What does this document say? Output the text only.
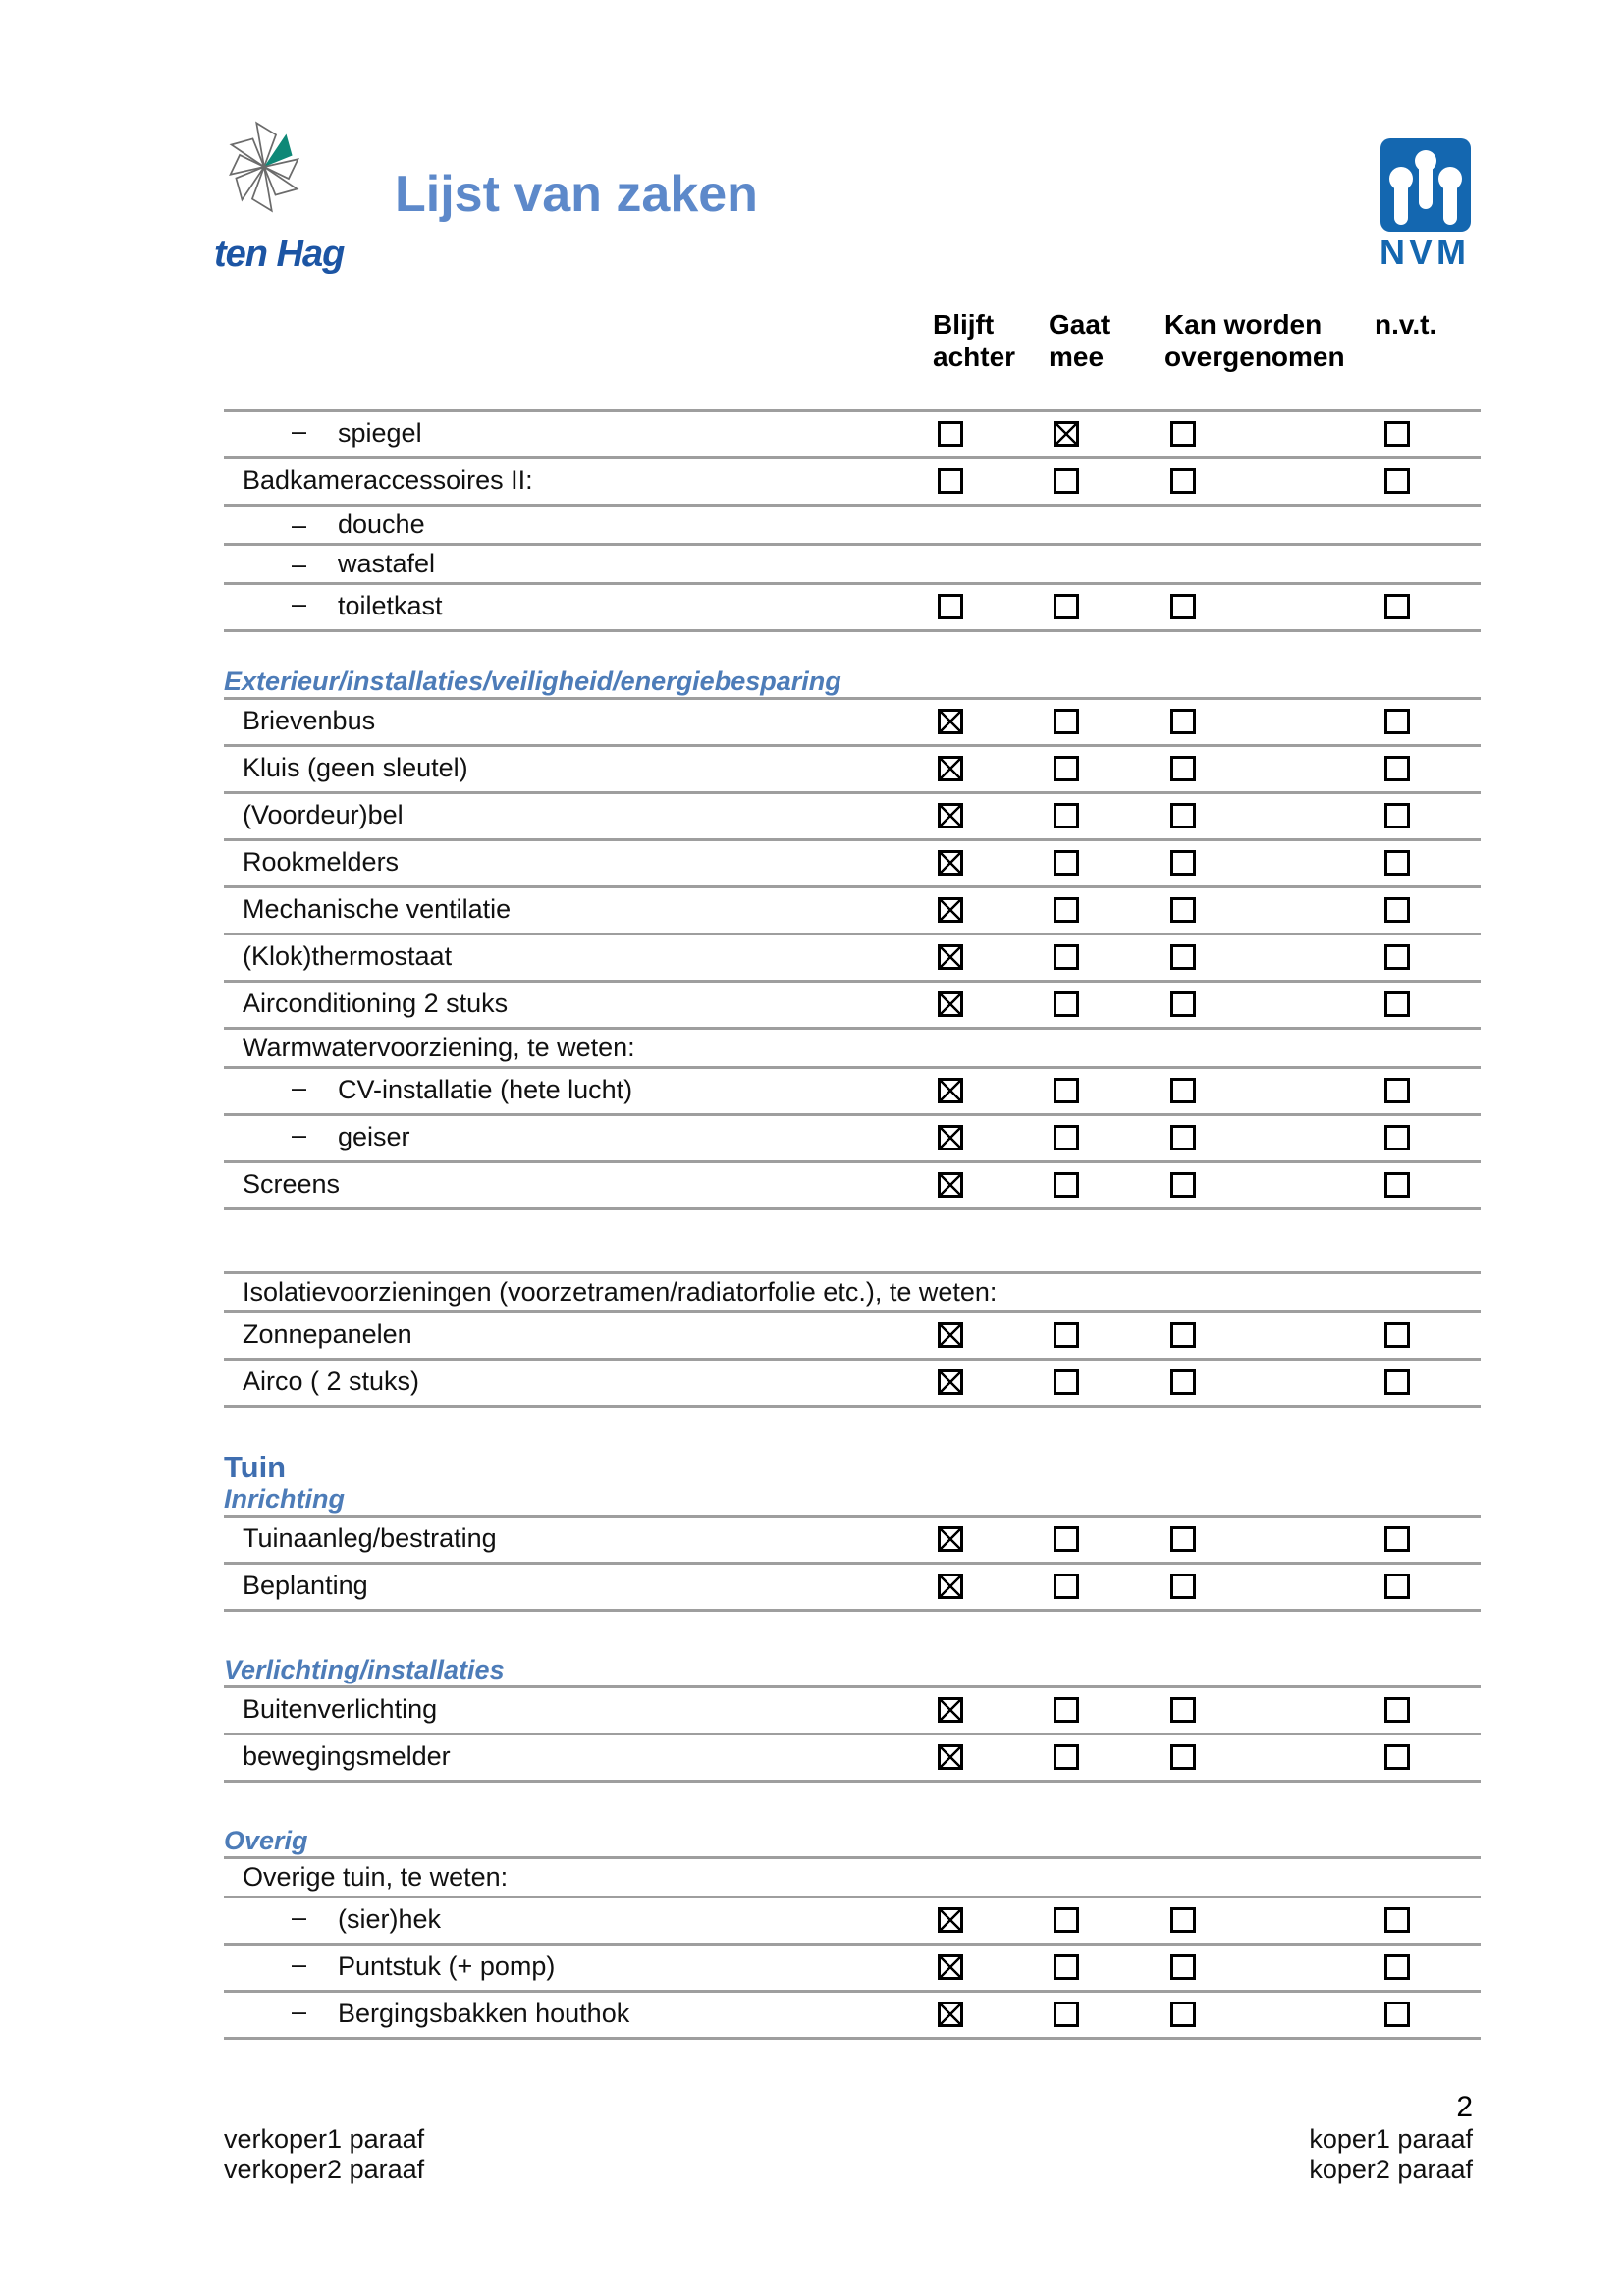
ten Hag
Lijst van zaken
NVM
Blijft
achter
Gaat
mee
Kan worden
overgenomen
n.v.t.
– spiegel
Badkameraccessoires II:
– douche
– wastafel
– toiletkast
Exterieur/installaties/veiligheid/energiebesparing
Brievenbus
Kluis (geen sleutel)
(Voordeur)bel
Rookmelders
Mechanische ventilatie
(Klok)thermostaat
Airconditioning 2 stuks
Warmwatervoorziening, te weten:
– CV-installatie (hete lucht)
– geiser
Screens
Isolatievoorzieningen (voorzetramen/radiatorfolie etc.), te weten:
Zonnepanelen
Airco ( 2 stuks)
Tuin
Inrichting
Tuinaanleg/bestrating
Beplanting
Verlichting/installaties
Buitenverlichting
bewegingsmelder
Overig
Overige tuin, te weten:
– (sier)hek
– Puntstuk (+ pomp)
– Bergingsbakken houthok
2
verkoper1 paraaf
verkoper2 paraaf
koper1 paraaf
koper2 paraaf
